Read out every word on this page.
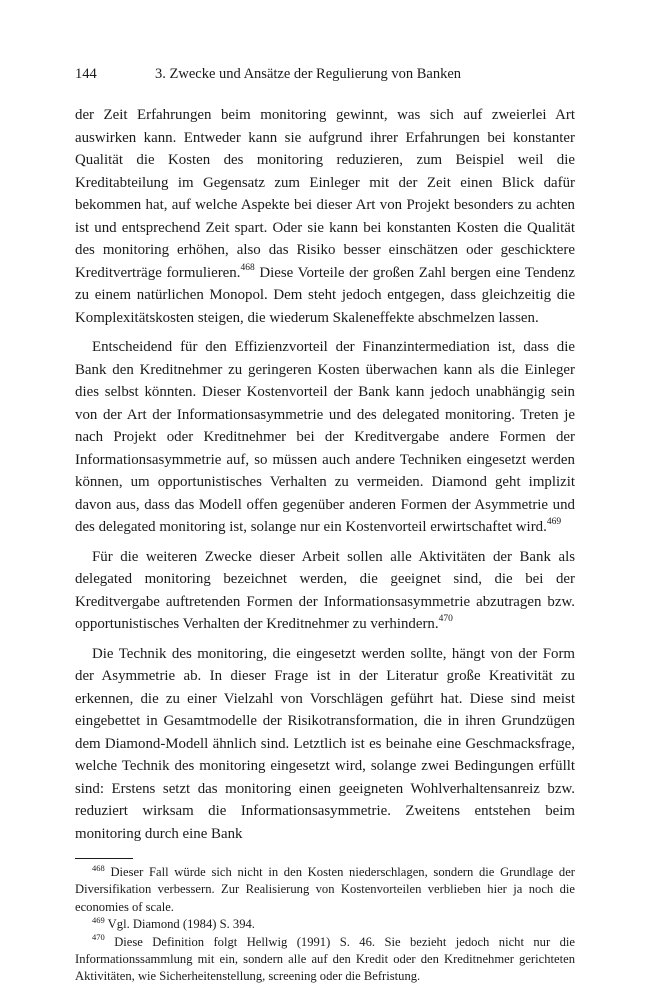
144	3. Zwecke und Ansätze der Regulierung von Banken

der Zeit Erfahrungen beim monitoring gewinnt, was sich auf zweierlei Art auswirken kann. Entweder kann sie aufgrund ihrer Erfahrungen bei konstanter Qualität die Kosten des monitoring reduzieren, zum Beispiel weil die Kreditabteilung im Gegensatz zum Einleger mit der Zeit einen Blick dafür bekommen hat, auf welche Aspekte bei dieser Art von Projekt besonders zu achten ist und entsprechend Zeit spart. Oder sie kann bei konstanten Kosten die Qualität des monitoring erhöhen, also das Risiko besser einschätzen oder geschicktere Kreditverträge formulieren.$^{468}$ Diese Vorteile der großen Zahl bergen eine Tendenz zu einem natürlichen Monopol. Dem steht jedoch entgegen, dass gleichzeitig die Komplexitätskosten steigen, die wiederum Skaleneffekte abschmelzen lassen.

Entscheidend für den Effizienzvorteil der Finanzintermediation ist, dass die Bank den Kreditnehmer zu geringeren Kosten überwachen kann als die Einleger dies selbst könnten. Dieser Kostenvorteil der Bank kann jedoch unabhängig sein von der Art der Informationsasymmetrie und des delegated monitoring. Treten je nach Projekt oder Kreditnehmer bei der Kreditvergabe andere Formen der Informationsasymmetrie auf, so müssen auch andere Techniken eingesetzt werden können, um opportunistisches Verhalten zu vermeiden. Diamond geht implizit davon aus, dass das Modell offen gegenüber anderen Formen der Asymmetrie und des delegated monitoring ist, solange nur ein Kostenvorteil erwirtschaftet wird.$^{469}$

Für die weiteren Zwecke dieser Arbeit sollen alle Aktivitäten der Bank als delegated monitoring bezeichnet werden, die geeignet sind, die bei der Kreditvergabe auftretenden Formen der Informationsasymmetrie abzutragen bzw. opportunistisches Verhalten der Kreditnehmer zu verhindern.$^{470}$

Die Technik des monitoring, die eingesetzt werden sollte, hängt von der Form der Asymmetrie ab. In dieser Frage ist in der Literatur große Kreativität zu erkennen, die zu einer Vielzahl von Vorschlägen geführt hat. Diese sind meist eingebettet in Gesamtmodelle der Risikotransformation, die in ihren Grundzügen dem Diamond-Modell ähnlich sind. Letztlich ist es beinahe eine Geschmacksfrage, welche Technik des monitoring eingesetzt wird, solange zwei Bedingungen erfüllt sind: Erstens setzt das monitoring einen geeigneten Wohlverhaltensanreiz bzw. reduziert wirksam die Informationsasymmetrie. Zweitens entstehen beim monitoring durch eine Bank

$^{468}$ Dieser Fall würde sich nicht in den Kosten niederschlagen, sondern die Grundlage der Diversifikation verbessern. Zur Realisierung von Kostenvorteilen verblieben hier ja noch die economies of scale.

$^{469}$ Vgl. Diamond (1984) S. 394.

$^{470}$ Diese Definition folgt Hellwig (1991) S. 46. Sie bezieht jedoch nicht nur die Informationssammlung mit ein, sondern alle auf den Kredit oder den Kreditnehmer gerichteten Aktivitäten, wie Sicherheitenstellung, screening oder die Befristung.
